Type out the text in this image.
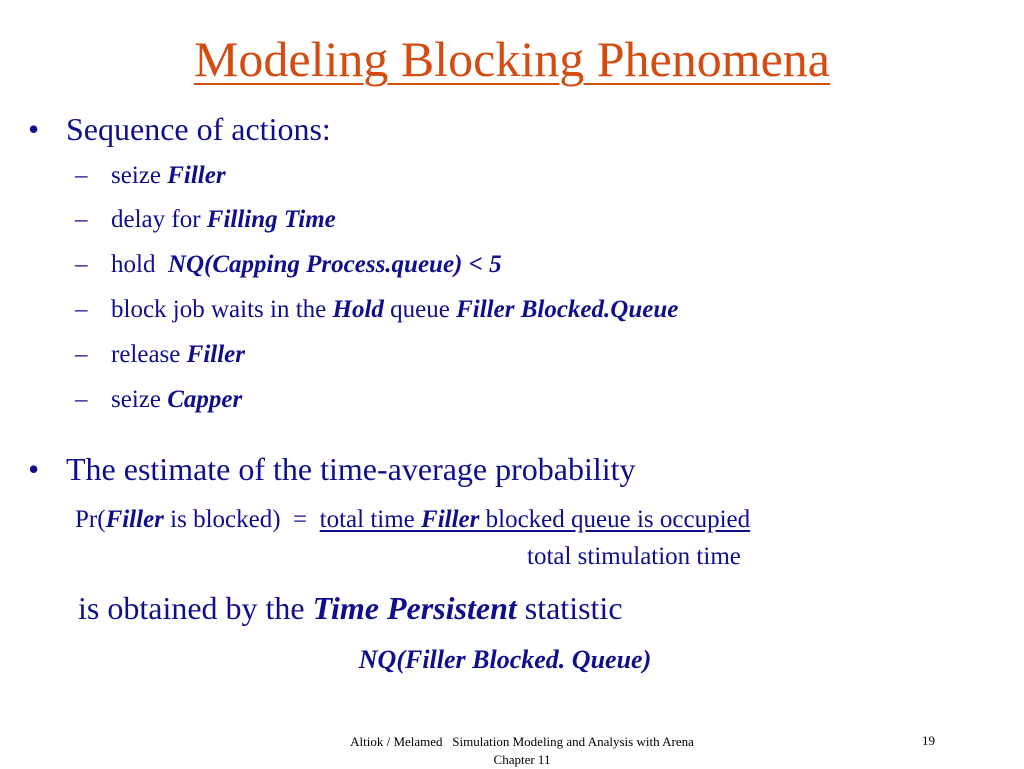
Modeling Blocking Phenomena
• Sequence of actions:
– seize Filler
– delay for Filling Time
– hold  NQ(Capping Process.queue) < 5
– block job waits in the Hold queue Filler Blocked.Queue
– release Filler
– seize Capper
• The estimate of the time-average probability
Pr(Filler is blocked) = total time Filler blocked queue is occupied
total stimulation time
is obtained by the Time Persistent statistic
NQ(Filler Blocked. Queue)
Altiok / Melamed   Simulation Modeling and Analysis with Arena
Chapter 11
19
